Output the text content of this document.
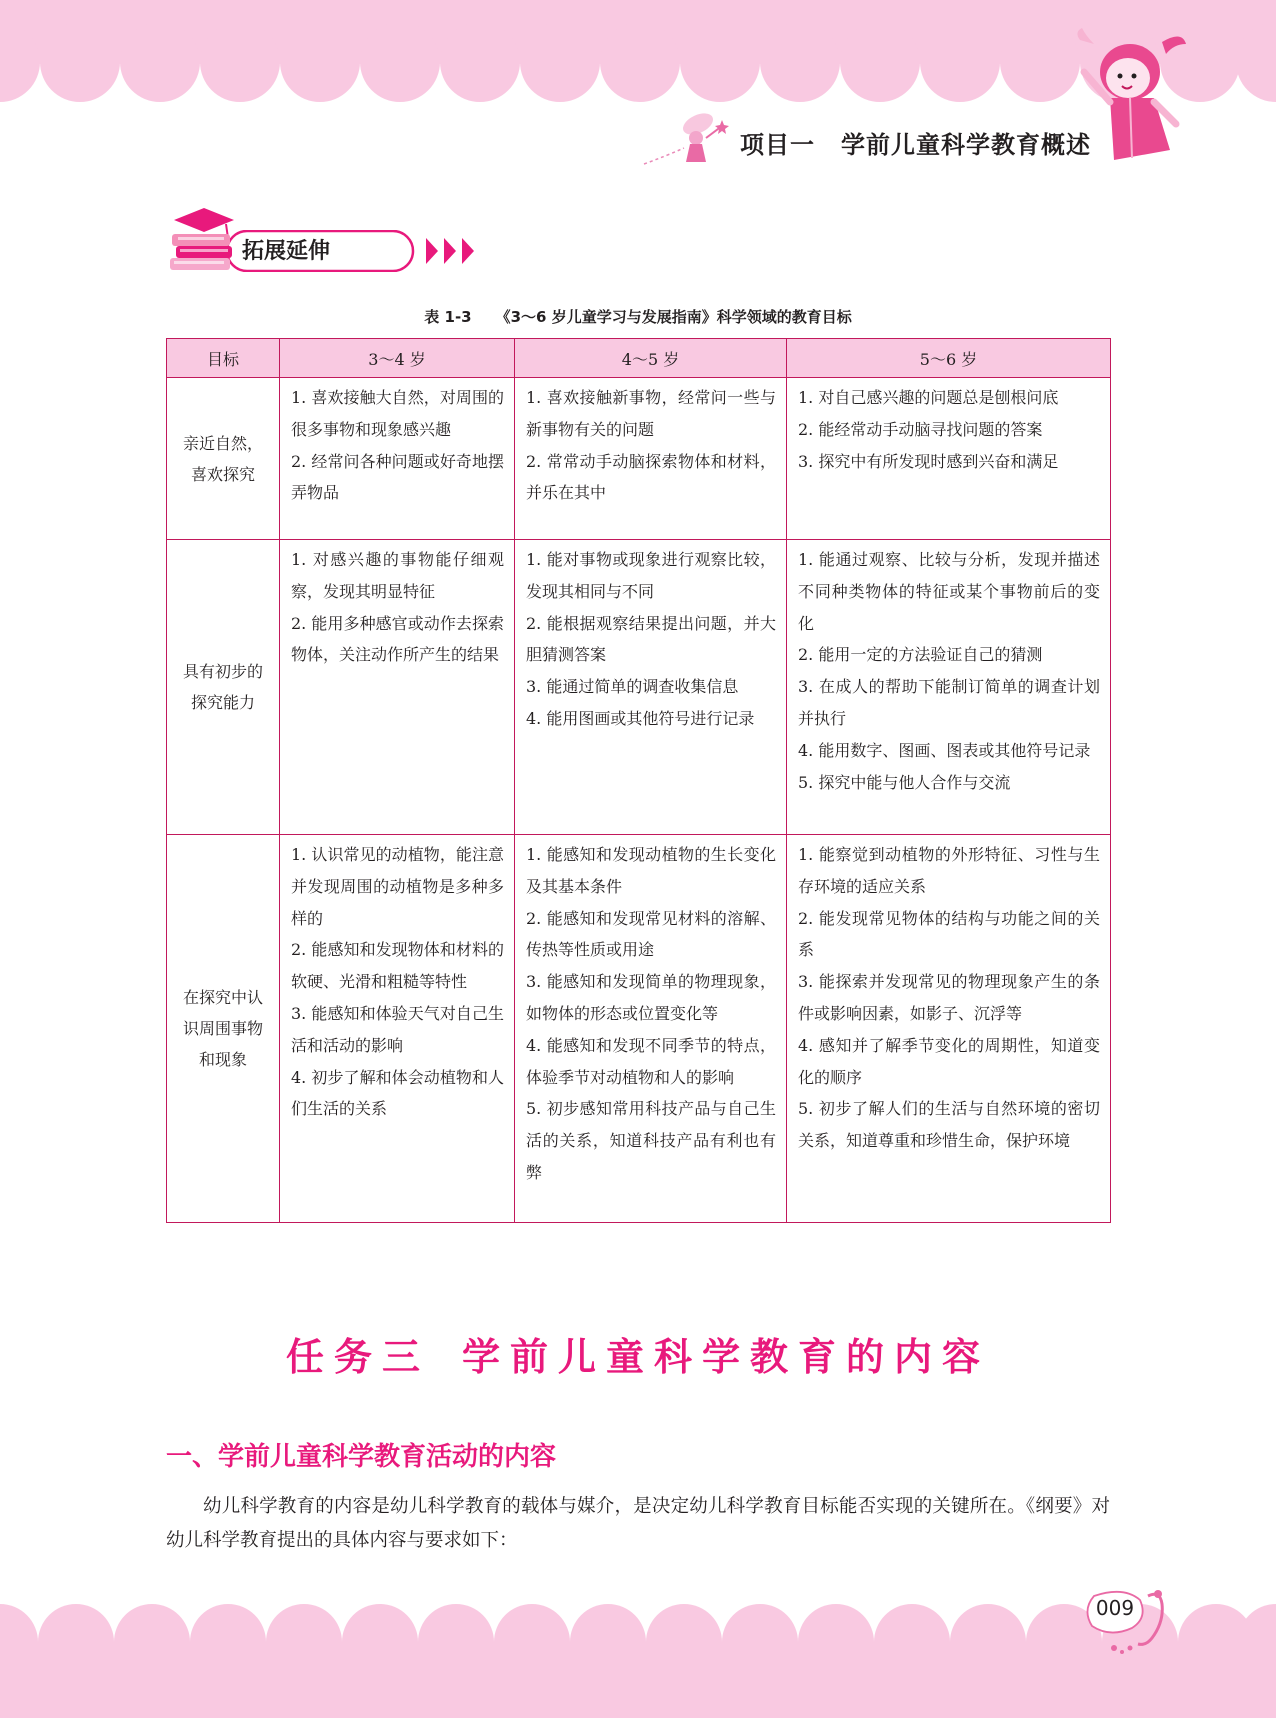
项目一 学前儿童科学教育概述
拓展延伸
表 1-3 《3～6 岁儿童学习与发展指南》科学领域的教育目标
目标	3～4 岁	4～5 岁	5～6 岁
亲近自然，喜欢探究	1. 喜欢接触大自然，对周围的很多事物和现象感兴趣
2. 经常问各种问题或好奇地摆弄物品	1. 喜欢接触新事物，经常问一些与新事物有关的问题
2. 常常动手动脑探索物体和材料，并乐在其中	1. 对自己感兴趣的问题总是刨根问底
2. 能经常动手动脑寻找问题的答案
3. 探究中有所发现时感到兴奋和满足

具有初步的探究能力	1. 对感兴趣的事物能仔细观察，发现其明显特征
2. 能用多种感官或动作去探索物体，关注动作所产生的结果	1. 能对事物或现象进行观察比较，发现其相同与不同
2. 能根据观察结果提出问题，并大胆猜测答案
3. 能通过简单的调查收集信息
4. 能用图画或其他符号进行记录	1. 能通过观察、比较与分析，发现并描述不同种类物体的特征或某个事物前后的变化
2. 能用一定的方法验证自己的猜测
3. 在成人的帮助下能制订简单的调查计划并执行
4. 能用数字、图画、图表或其他符号记录
5. 探究中能与他人合作与交流

在探究中认识周围事物和现象	1. 认识常见的动植物，能注意并发现周围的动植物是多种多样的
2. 能感知和发现物体和材料的软硬、光滑和粗糙等特性
3. 能感知和体验天气对自己生活和活动的影响
4. 初步了解和体会动植物和人们生活的关系	1. 能感知和发现动植物的生长变化及其基本条件
2. 能感知和发现常见材料的溶解、传热等性质或用途
3. 能感知和发现简单的物理现象，如物体的形态或位置变化等
4. 能感知和发现不同季节的特点，体验季节对动植物和人的影响
5. 初步感知常用科技产品与自己生活的关系，知道科技产品有利也有弊	1. 能察觉到动植物的外形特征、习性与生存环境的适应关系
2. 能发现常见物体的结构与功能之间的关系
3. 能探索并发现常见的物理现象产生的条件或影响因素，如影子、沉浮等
4. 感知并了解季节变化的周期性，知道变化的顺序
5. 初步了解人们的生活与自然环境的密切关系，知道尊重和珍惜生命，保护环境
任务三 学前儿童科学教育的内容
一、学前儿童科学教育活动的内容
幼儿科学教育的内容是幼儿科学教育的载体与媒介，是决定幼儿科学教育目标能否实现的关键所在。《纲要》对幼儿科学教育提出的具体内容与要求如下：
009
